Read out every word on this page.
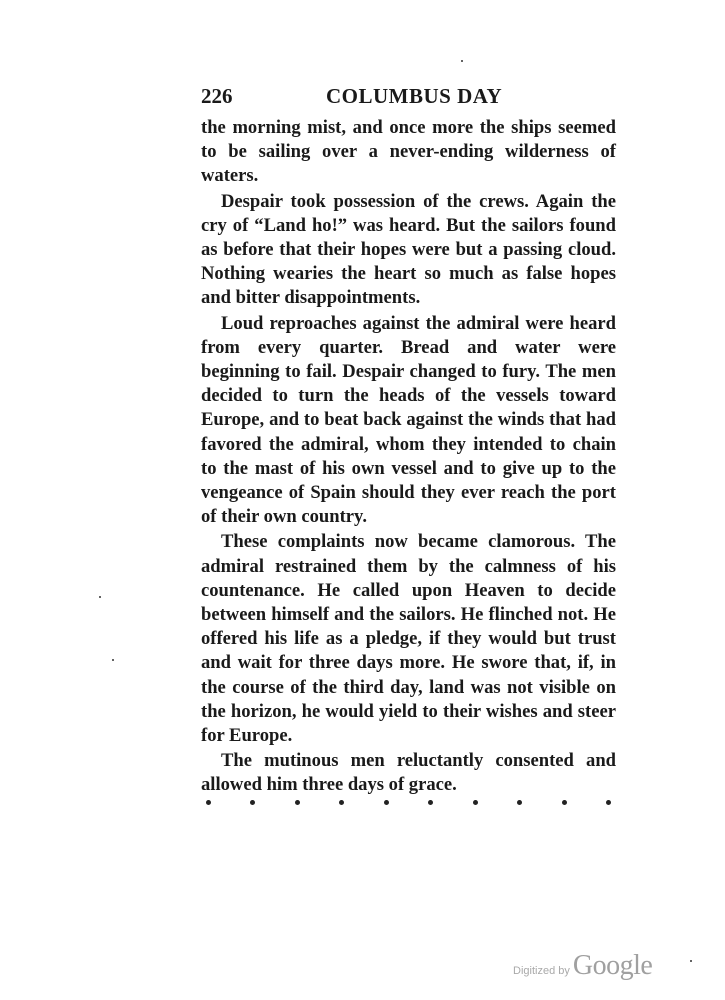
226	COLUMBUS DAY

the morning mist, and once more the ships seemed to be sailing over a never-ending wilderness of waters.

Despair took possession of the crews. Again the cry of “Land ho!” was heard. But the sailors found as before that their hopes were but a passing cloud. Nothing wearies the heart so much as false hopes and bitter disappointments.

Loud reproaches against the admiral were heard from every quarter. Bread and water were beginning to fail. Despair changed to fury. The men decided to turn the heads of the vessels toward Europe, and to beat back against the winds that had favored the admiral, whom they intended to chain to the mast of his own vessel and to give up to the vengeance of Spain should they ever reach the port of their own country.

These complaints now became clamorous. The admiral restrained them by the calmness of his countenance. He called upon Heaven to decide between himself and the sailors. He flinched not. He offered his life as a pledge, if they would but trust and wait for three days more. He swore that, if, in the course of the third day, land was not visible on the horizon, he would yield to their wishes and steer for Europe.

The mutinous men reluctantly consented and allowed him three days of grace.

Digitized by Google
